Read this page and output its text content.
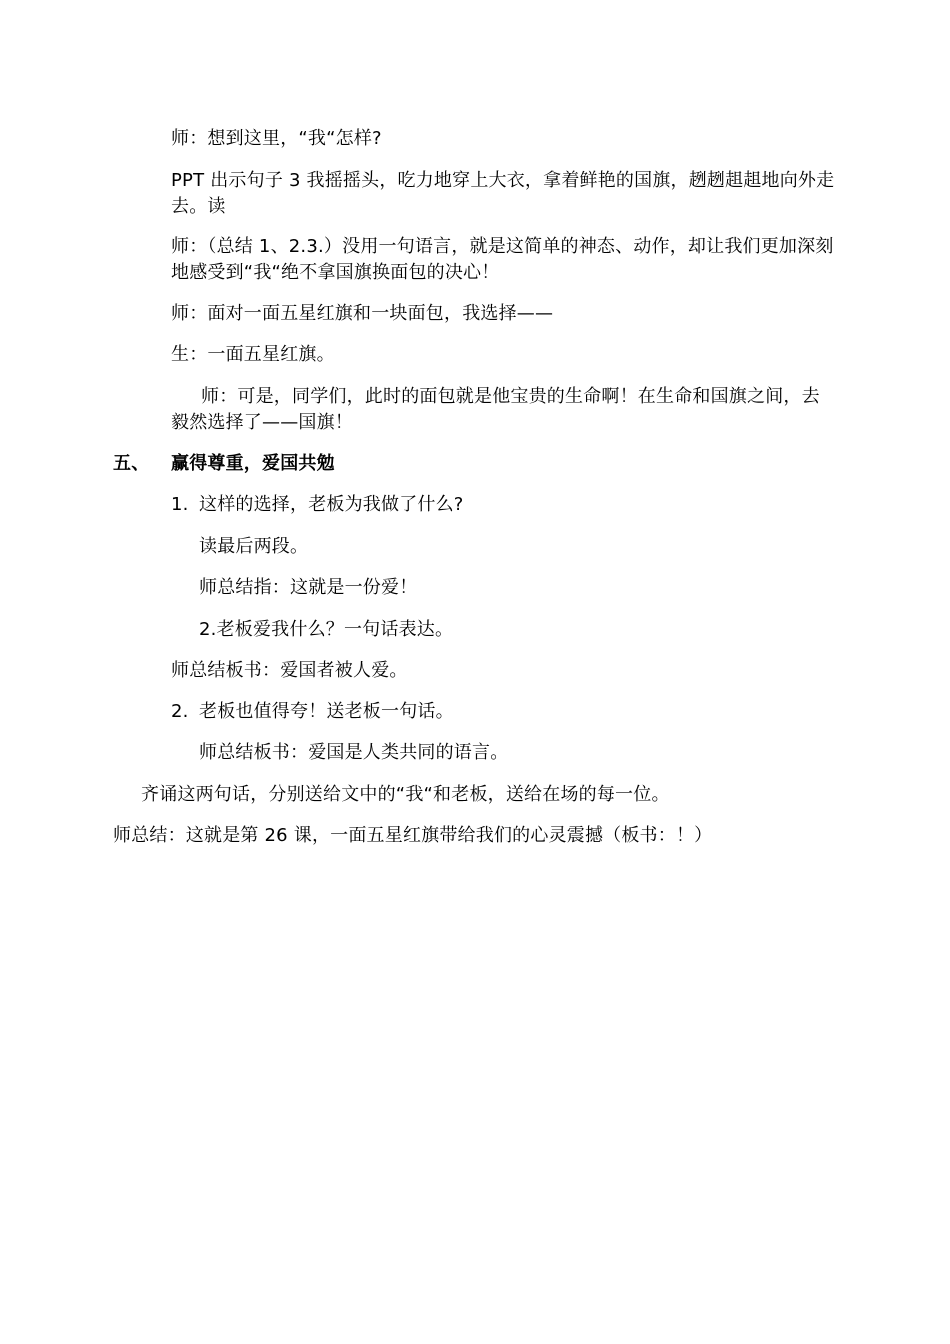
师：想到这里，“我“怎样?
PPT 出示句子 3 我摇摇头，吃力地穿上大衣，拿着鲜艳的国旗，趔趔趄趄地向外走去。读
师：（总结 1、2.3.）没用一句语言，就是这简单的神态、动作，却让我们更加深刻地感受到“我“绝不拿国旗换面包的决心！
师：面对一面五星红旗和一块面包，我选择——
生：一面五星红旗。
师：可是，同学们，此时的面包就是他宝贵的生命啊！在生命和国旗之间，去毅然选择了——国旗！
五、 赢得尊重，爱国共勉
1. 这样的选择，老板为我做了什么?
读最后两段。
师总结指：这就是一份爱！
2.老板爱我什么？一句话表达。
师总结板书：爱国者被人爱。
2. 老板也值得夸！送老板一句话。
师总结板书：爱国是人类共同的语言。
齐诵这两句话，分别送给文中的“我“和老板，送给在场的每一位。
师总结：这就是第 26 课，一面五星红旗带给我们的心灵震撼（板书：！）
